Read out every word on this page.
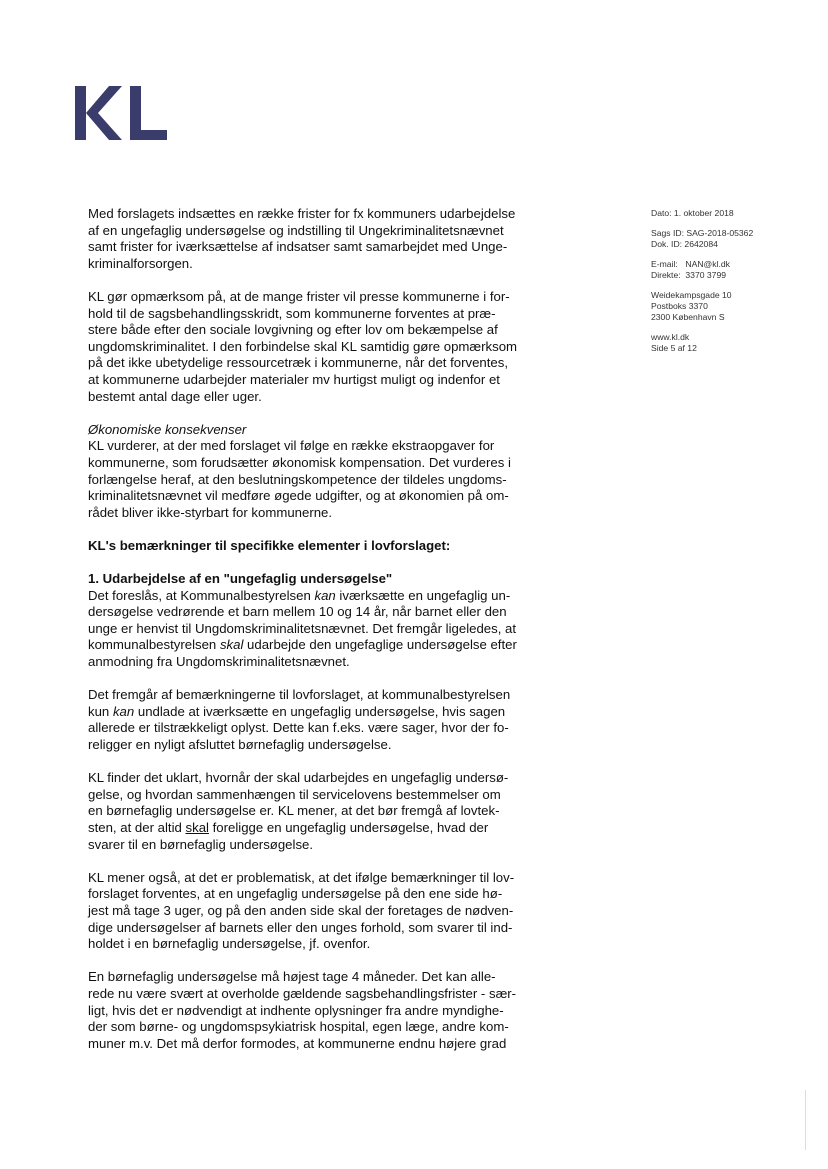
Med forslagets indsættes en række frister for fx kommuners udarbejdelse
af en ungefaglig undersøgelse og indstilling til Ungekriminalitetsnævnet
samt frister for iværksættelse af indsatser samt samarbejdet med Unge-
kriminalforsorgen.

KL gør opmærksom på, at de mange frister vil presse kommunerne i for-
hold til de sagsbehandlingsskridt, som kommunerne forventes at præ-
stere både efter den sociale lovgivning og efter lov om bekæmpelse af
ungdomskriminalitet. I den forbindelse skal KL samtidig gøre opmærksom
på det ikke ubetydelige ressourcetræk i kommunerne, når det forventes,
at kommunerne udarbejder materialer mv hurtigst muligt og indenfor et
bestemt antal dage eller uger.

Økonomiske konsekvenser
KL vurderer, at der med forslaget vil følge en række ekstraopgaver for
kommunerne, som forudsætter økonomisk kompensation. Det vurderes i
forlængelse heraf, at den beslutningskompetence der tildeles ungdoms-
kriminalitetsnævnet vil medføre øgede udgifter, og at økonomien på om-
rådet bliver ikke-styrbart for kommunerne.

KL's bemærkninger til specifikke elementer i lovforslaget:

1. Udarbejdelse af en "ungefaglig undersøgelse"
Det foreslås, at Kommunalbestyrelsen kan iværksætte en ungefaglig un-
dersøgelse vedrørende et barn mellem 10 og 14 år, når barnet eller den
unge er henvist til Ungdomskriminalitetsnævnet. Det fremgår ligeledes, at
kommunalbestyrelsen skal udarbejde den ungefaglige undersøgelse efter
anmodning fra Ungdomskriminalitetsnævnet.

Det fremgår af bemærkningerne til lovforslaget, at kommunalbestyrelsen
kun kan undlade at iværksætte en ungefaglig undersøgelse, hvis sagen
allerede er tilstrækkeligt oplyst. Dette kan f.eks. være sager, hvor der fo-
religger en nyligt afsluttet børnefaglig undersøgelse.

KL finder det uklart, hvornår der skal udarbejdes en ungefaglig undersø-
gelse, og hvordan sammenhængen til servicelovens bestemmelser om
en børnefaglig undersøgelse er. KL mener, at det bør fremgå af lovtek-
sten, at der altid skal foreligge en ungefaglig undersøgelse, hvad der
svarer til en børnefaglig undersøgelse.

KL mener også, at det er problematisk, at det ifølge bemærkninger til lov-
forslaget forventes, at en ungefaglig undersøgelse på den ene side hø-
jest må tage 3 uger, og på den anden side skal der foretages de nødven-
dige undersøgelser af barnets eller den unges forhold, som svarer til ind-
holdet i en børnefaglig undersøgelse, jf. ovenfor.

En børnefaglig undersøgelse må højest tage 4 måneder. Det kan alle-
rede nu være svært at overholde gældende sagsbehandlingsfrister - sær-
ligt, hvis det er nødvendigt at indhente oplysninger fra andre myndighe-
der som børne- og ungdomspsykiatrisk hospital, egen læge, andre kom-
muner m.v. Det må derfor formodes, at kommunerne endnu højere grad

Dato: 1. oktober 2018
Sags ID: SAG-2018-05362
Dok. ID: 2642084
E-mail: NAN@kl.dk
Direkte: 3370 3799
Weidekampsgade 10
Postboks 3370
2300 København S
www.kl.dk
Side 5 af 12
